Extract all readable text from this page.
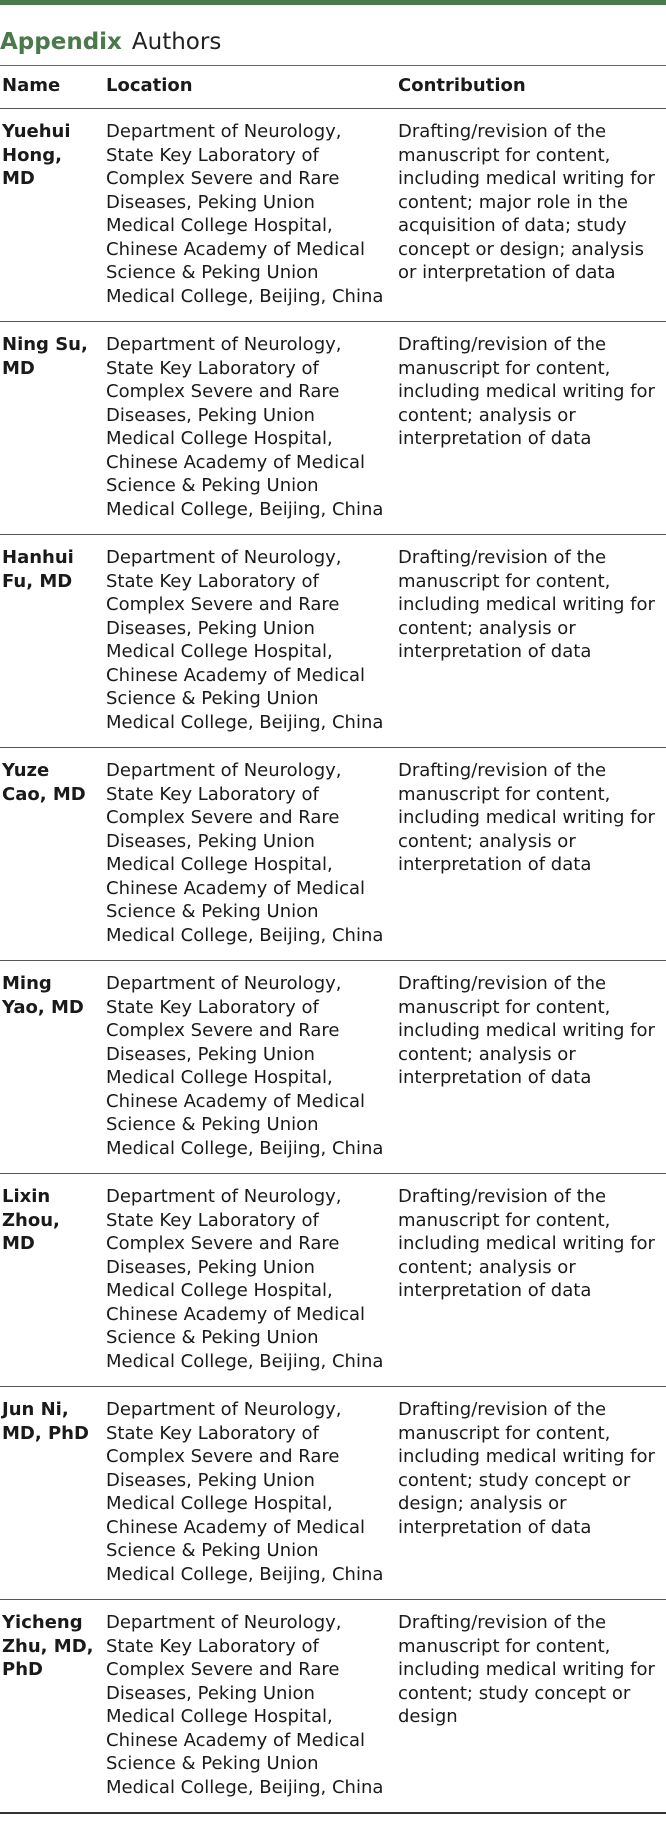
Appendix Authors
Name	Location	Contribution
Yuehui Hong, MD	Department of Neurology, State Key Laboratory of Complex Severe and Rare Diseases, Peking Union Medical College Hospital, Chinese Academy of Medical Science & Peking Union Medical College, Beijing, China	Drafting/revision of the manuscript for content, including medical writing for content; major role in the acquisition of data; study concept or design; analysis or interpretation of data
Ning Su, MD	Department of Neurology, State Key Laboratory of Complex Severe and Rare Diseases, Peking Union Medical College Hospital, Chinese Academy of Medical Science & Peking Union Medical College, Beijing, China	Drafting/revision of the manuscript for content, including medical writing for content; analysis or interpretation of data
Hanhui Fu, MD	Department of Neurology, State Key Laboratory of Complex Severe and Rare Diseases, Peking Union Medical College Hospital, Chinese Academy of Medical Science & Peking Union Medical College, Beijing, China	Drafting/revision of the manuscript for content, including medical writing for content; analysis or interpretation of data
Yuze Cao, MD	Department of Neurology, State Key Laboratory of Complex Severe and Rare Diseases, Peking Union Medical College Hospital, Chinese Academy of Medical Science & Peking Union Medical College, Beijing, China	Drafting/revision of the manuscript for content, including medical writing for content; analysis or interpretation of data
Ming Yao, MD	Department of Neurology, State Key Laboratory of Complex Severe and Rare Diseases, Peking Union Medical College Hospital, Chinese Academy of Medical Science & Peking Union Medical College, Beijing, China	Drafting/revision of the manuscript for content, including medical writing for content; analysis or interpretation of data
Lixin Zhou, MD	Department of Neurology, State Key Laboratory of Complex Severe and Rare Diseases, Peking Union Medical College Hospital, Chinese Academy of Medical Science & Peking Union Medical College, Beijing, China	Drafting/revision of the manuscript for content, including medical writing for content; analysis or interpretation of data
Jun Ni, MD, PhD	Department of Neurology, State Key Laboratory of Complex Severe and Rare Diseases, Peking Union Medical College Hospital, Chinese Academy of Medical Science & Peking Union Medical College, Beijing, China	Drafting/revision of the manuscript for content, including medical writing for content; study concept or design; analysis or interpretation of data
Yicheng Zhu, MD, PhD	Department of Neurology, State Key Laboratory of Complex Severe and Rare Diseases, Peking Union Medical College Hospital, Chinese Academy of Medical Science & Peking Union Medical College, Beijing, China	Drafting/revision of the manuscript for content, including medical writing for content; study concept or design
